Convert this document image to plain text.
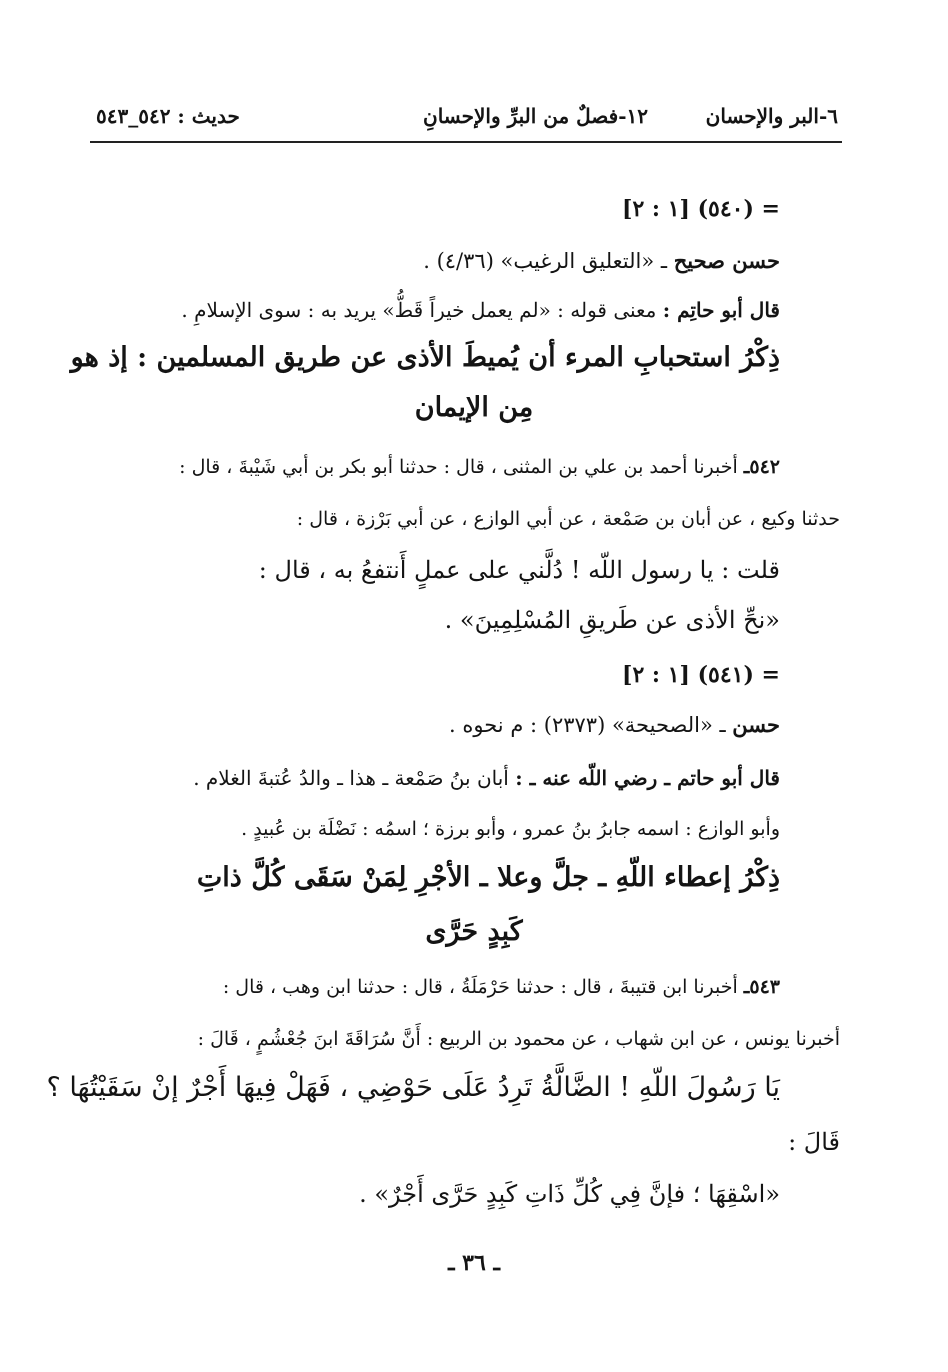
٦-البر والإحسان
١٢-فصلٌ من البرِّ والإحسانِ
حديث : ٥٤٢_٥٤٣
= (٥٤٠) [١ : ٢]
حسن صحيح ـ «التعليق الرغيب» (٤/٣٦) .
قال أبو حاتِم : معنى قوله : «لم يعمل خيراً قَطُّ» يريد به : سوى الإسلامِ .
ذِكْرُ استحبابِ المرء أن يُميطَ الأذى عن طريق المسلمين : إذ هو
مِن الإيمان
٥٤٢ـ أخبرنا أحمد بن علي بن المثنى ، قال : حدثنا أبو بكر بن أبي شَيْبةَ ، قال :
حدثنا وكيع ، عن أبان بن صَمْعة ، عن أبي الوازع ، عن أبي بَرْزة ، قال :
قلت : يا رسول اللّه ! دُلَّني على عملٍ أَنتفعُ به ، قال :
«نحِّ الأذى عن طَريقِ المُسْلِمِينَ» .
= (٥٤١) [١ : ٢]
حسن ـ «الصحيحة» (٢٣٧٣) : م نحوه .
قال أبو حاتم ـ رضي اللّه عنه ـ : أبان بنُ صَمْعة ـ هذا ـ والدُ عُتبةَ الغلام .
وأبو الوازع : اسمه جابرُ بنُ عمرو ، وأبو برزة ؛ اسمُه : نَضْلَة بن عُبيدٍ .
ذِكْرُ إعطاء اللّهِ ـ جلَّ وعلا ـ الأجْرِ لِمَنْ سَقَى كُلَّ ذاتِ
كَبِدٍ حَرَّى
٥٤٣ـ أخبرنا ابن قتيبةَ ، قال : حدثنا حَرْمَلَةُ ، قال : حدثنا ابن وهب ، قال :
أخبرنا يونس ، عن ابن شهاب ، عن محمود بن الربيع : أَنَّ سُرَاقَةَ ابنَ جُعْشُمٍ ، قَالَ :
يَا رَسُولَ اللّهِ ! الضَّالَّةُ تَرِدُ عَلَى حَوْضِي ، فَهَلْ فِيهَا أَجْرٌ إنْ سَقَيْتُهَا ؟
قَالَ :
«اسْقِهَا ؛ فإنَّ فِي كُلِّ ذَاتِ كَبِدٍ حَرَّى أَجْرٌ» .
ـ ٣٦ ـ
